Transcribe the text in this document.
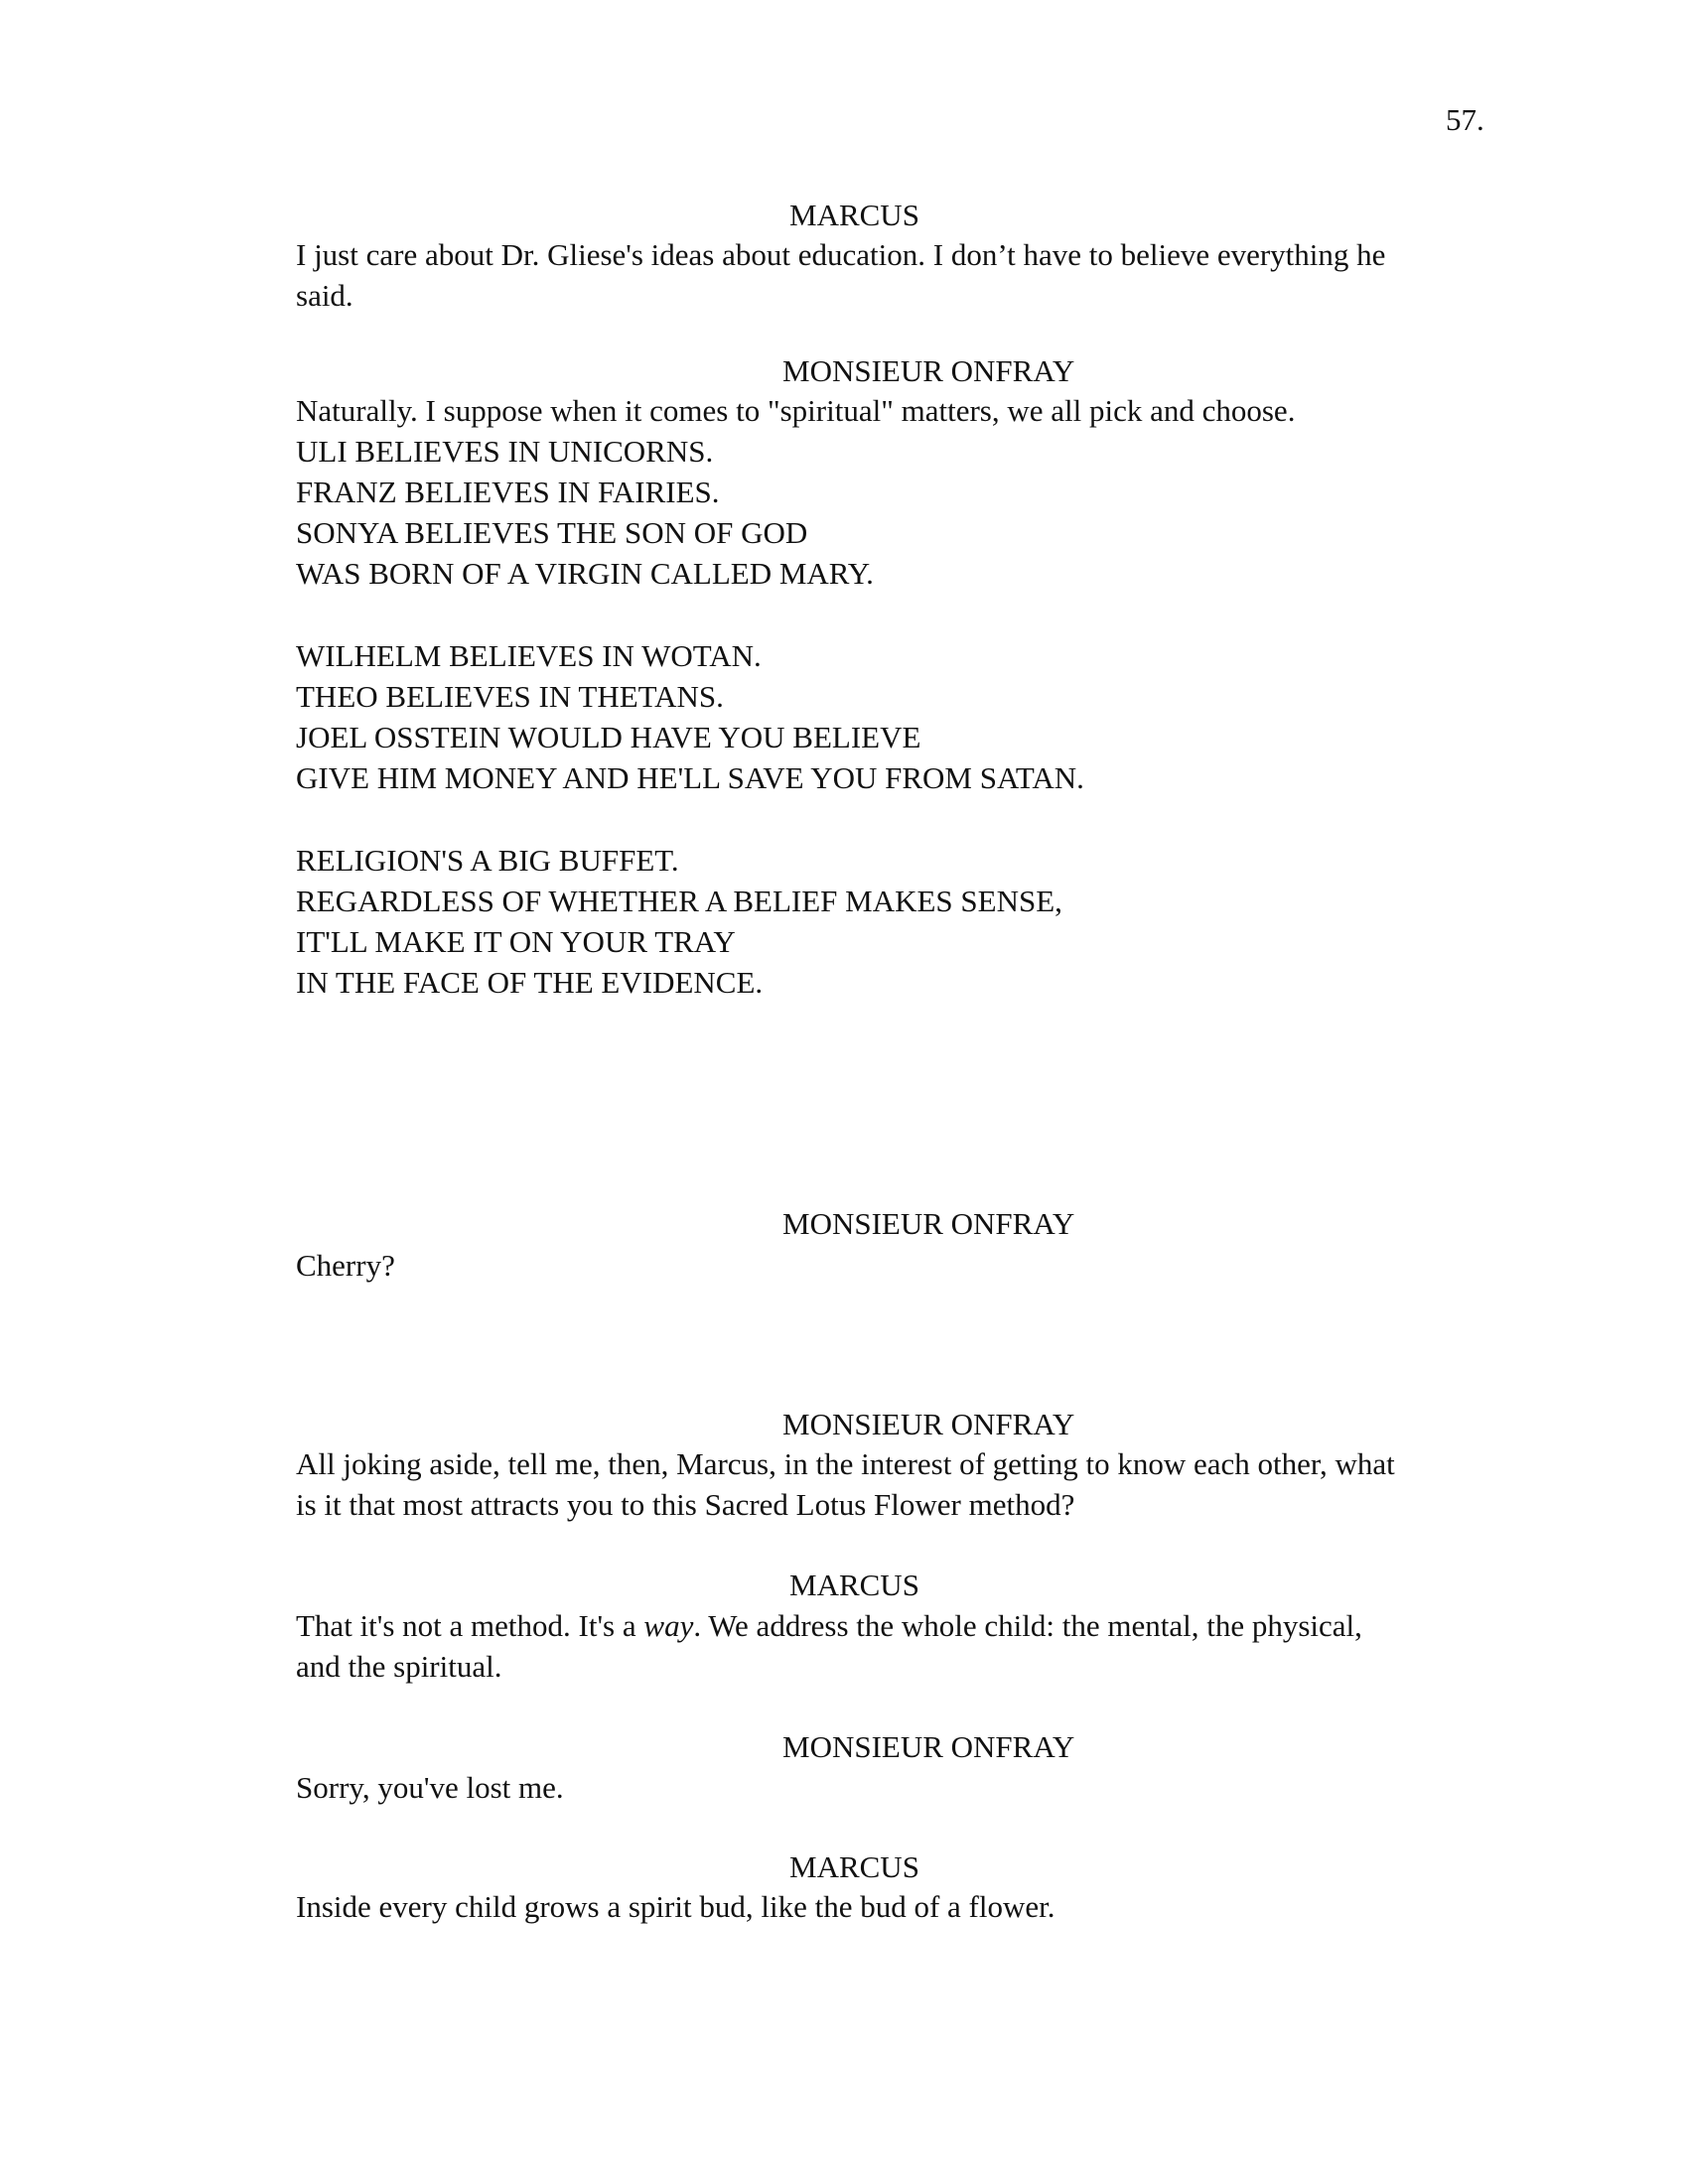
57.

MARCUS

I just care about Dr. Gliese's ideas about education. I don’t have to believe everything he
said.

MONSIEUR ONFRAY

Naturally. I suppose when it comes to "spiritual" matters, we all pick and choose.
ULI BELIEVES IN UNICORNS.
FRANZ BELIEVES IN FAIRIES.
SONYA BELIEVES THE SON OF GOD
WAS BORN OF A VIRGIN CALLED MARY.
WILHELM BELIEVES IN WOTAN.
THEO BELIEVES IN THETANS.
JOEL OSSTEIN WOULD HAVE YOU BELIEVE
GIVE HIM MONEY AND HE'LL SAVE YOU FROM SATAN.
RELIGION'S A BIG BUFFET.
REGARDLESS OF WHETHER A BELIEF MAKES SENSE,
IT'LL MAKE IT ON YOUR TRAY
IN THE FACE OF THE EVIDENCE.

MONSIEUR ONFRAY

Cherry?

MONSIEUR ONFRAY

All joking aside, tell me, then, Marcus, in the interest of getting to know each other, what
is it that most attracts you to this Sacred Lotus Flower method?

MARCUS

That it's not a method. It's a way. We address the whole child: the mental, the physical,
and the spiritual.

MONSIEUR ONFRAY

Sorry, you've lost me.

MARCUS

Inside every child grows a spirit bud, like the bud of a flower.
